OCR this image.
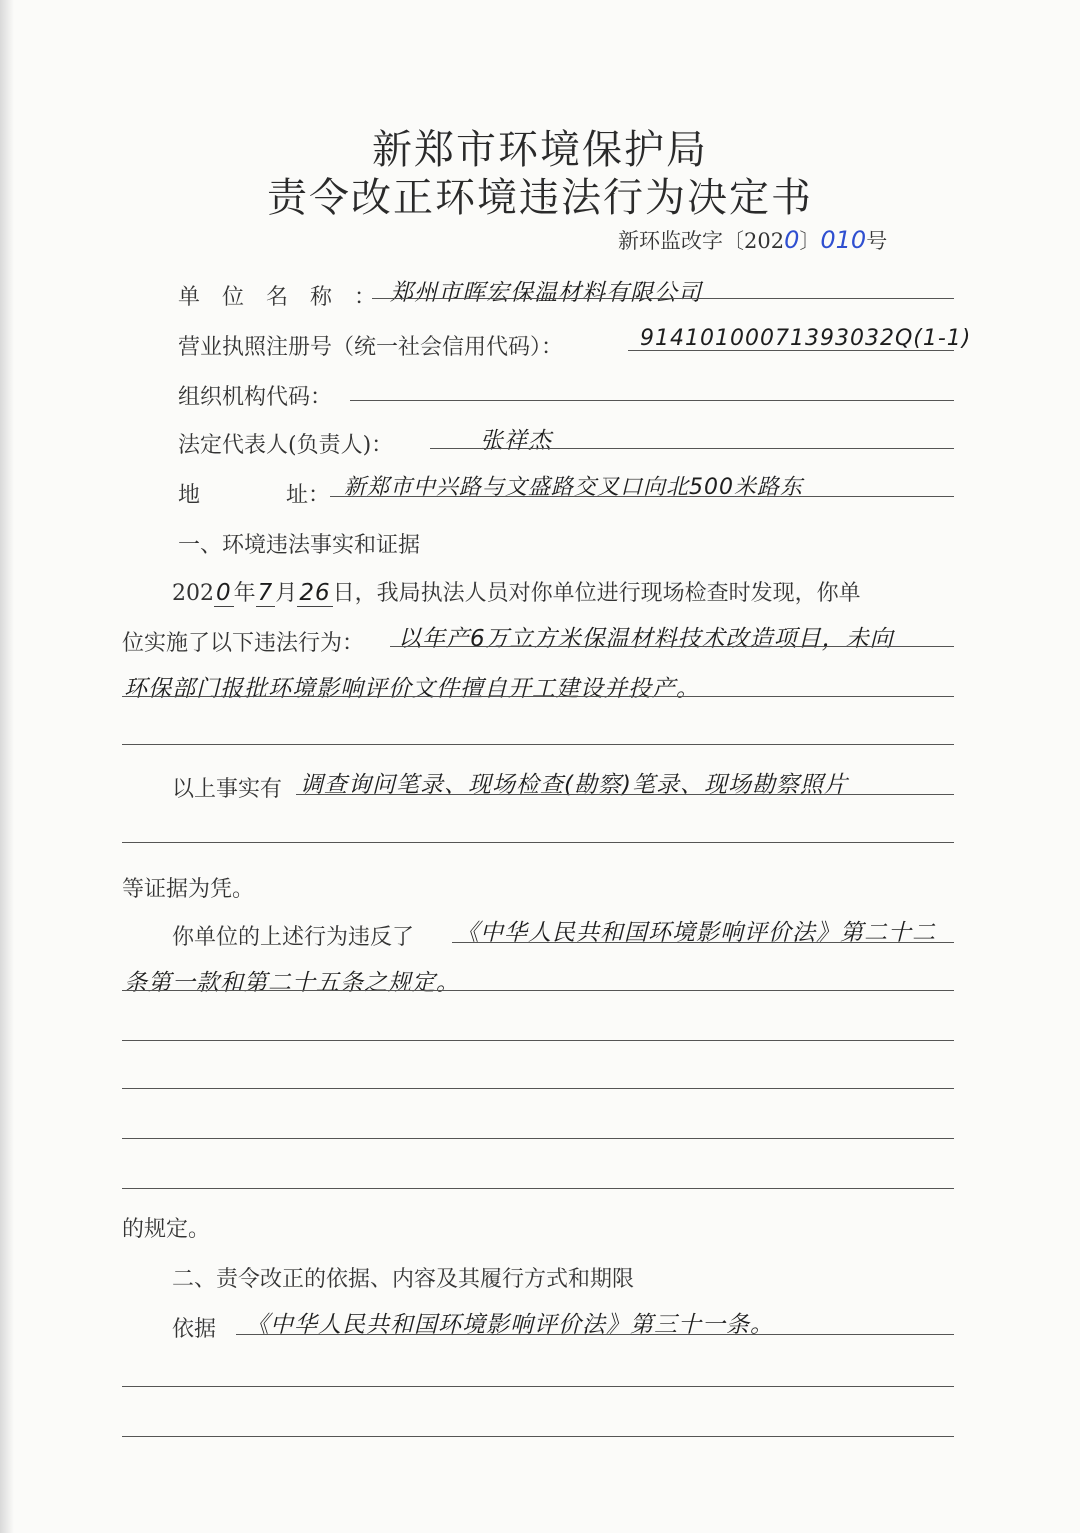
新郑市环境保护局
责令改正环境违法行为决定书
新环监改字〔2020〕010号
单位名称：
郑州市晖宏保温材料有限公司
营业执照注册号（统一社会信用代码）：	91410100071393032Q(1-1)
组织机构代码：
法定代表人(负责人)：	张祥杰
地	址： 新郑市中兴路与文盛路交叉口向北500米路东
一、环境违法事实和证据
2020年7月26日，我局执法人员对你单位进行现场检查时发现，你单
位实施了以下违法行为： 以年产6万立方米保温材料技术改造项目，未向
环保部门报批环境影响评价文件擅自开工建设并投产。
以上事实有 调查询问笔录、现场检查(勘察)笔录、现场勘察照片
等证据为凭。
你单位的上述行为违反了 《中华人民共和国环境影响评价法》第二十二
条第一款和第二十五条之规定。
的规定。
二、责令改正的依据、内容及其履行方式和期限
依据 《中华人民共和国环境影响评价法》第三十一条。
